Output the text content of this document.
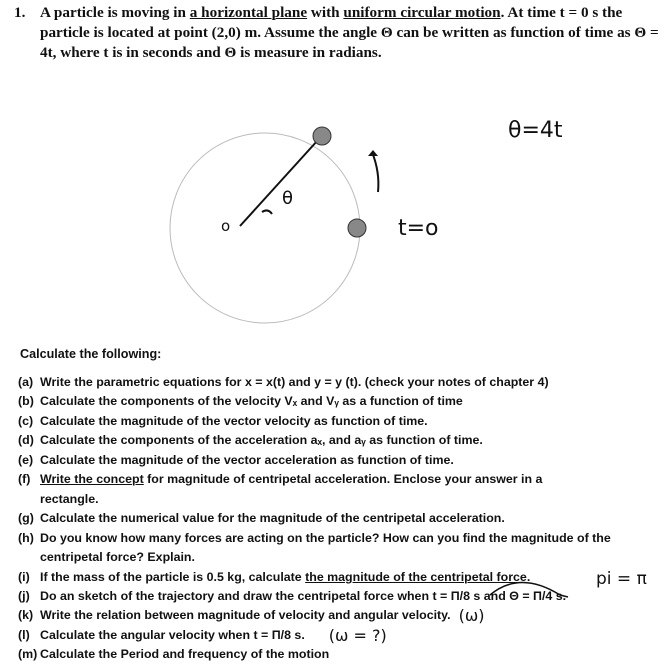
1. A particle is moving in a horizontal plane with uniform circular motion. At time t = 0 s the particle is located at point (2,0) m. Assume the angle Θ can be written as function of time as Θ = 4t, where t is in seconds and Θ is measure in radians.
o
θ
θ=4t
t=o
pi = π
Calculate the following:
(a) Write the parametric equations for x = x(t) and y = y (t). (check your notes of chapter 4)
(b) Calculate the components of the velocity Vₓ and Vᵧ as a function of time
(c) Calculate the magnitude of the vector velocity as function of time.
(d) Calculate the components of the acceleration aₓ, and aᵧ as function of time.
(e) Calculate the magnitude of the vector acceleration as function of time.
(f) Write the concept for magnitude of centripetal acceleration. Enclose your answer in a rectangle.
(g) Calculate the numerical value for the magnitude of the centripetal acceleration.
(h) Do you know how many forces are acting on the particle? How can you find the magnitude of the centripetal force? Explain.
(i) If the mass of the particle is 0.5 kg, calculate the magnitude of the centripetal force.
(j) Do an sketch of the trajectory and draw the centripetal force when t = Π/8 s and Θ = Π/4 s.
(k) Write the relation between magnitude of velocity and angular velocity. (ω)
(l) Calculate the angular velocity when t = Π/8 s. (ω = ?)
(m) Calculate the Period and frequency of the motion
